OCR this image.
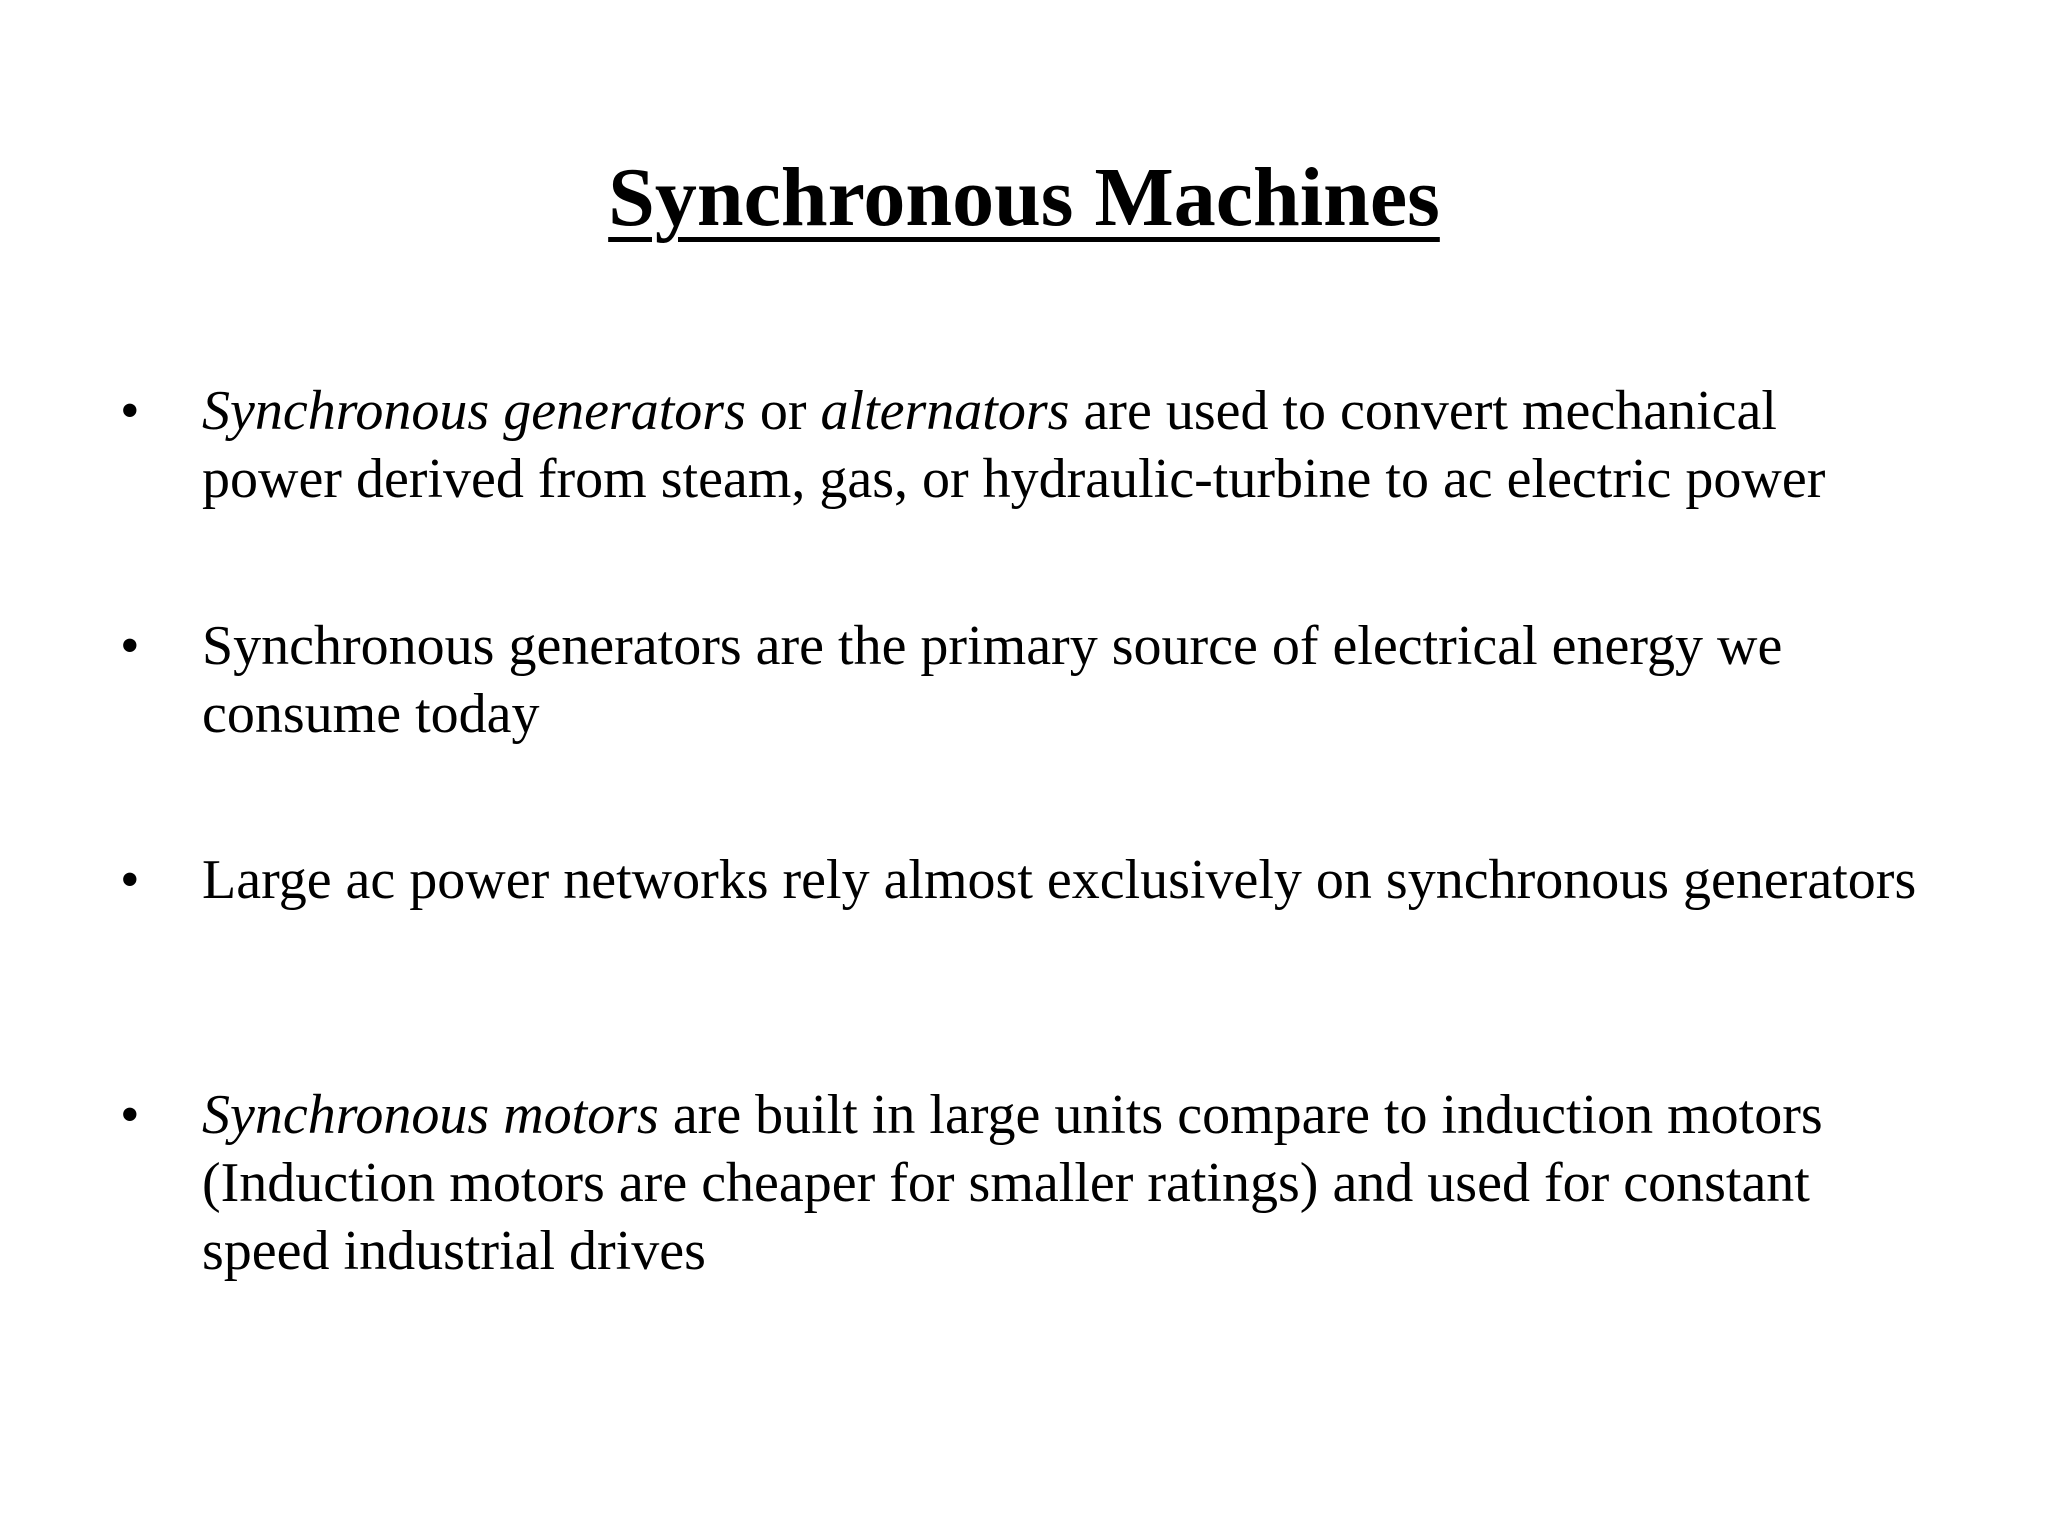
Synchronous Machines
• Synchronous generators or alternators are used to convert mechanical power derived from steam, gas, or hydraulic-turbine to ac electric power
• Synchronous generators are the primary source of electrical energy we consume today
• Large ac power networks rely almost exclusively on synchronous generators
• Synchronous motors are built in large units compare to induction motors (Induction motors are cheaper for smaller ratings) and used for constant speed industrial drives
